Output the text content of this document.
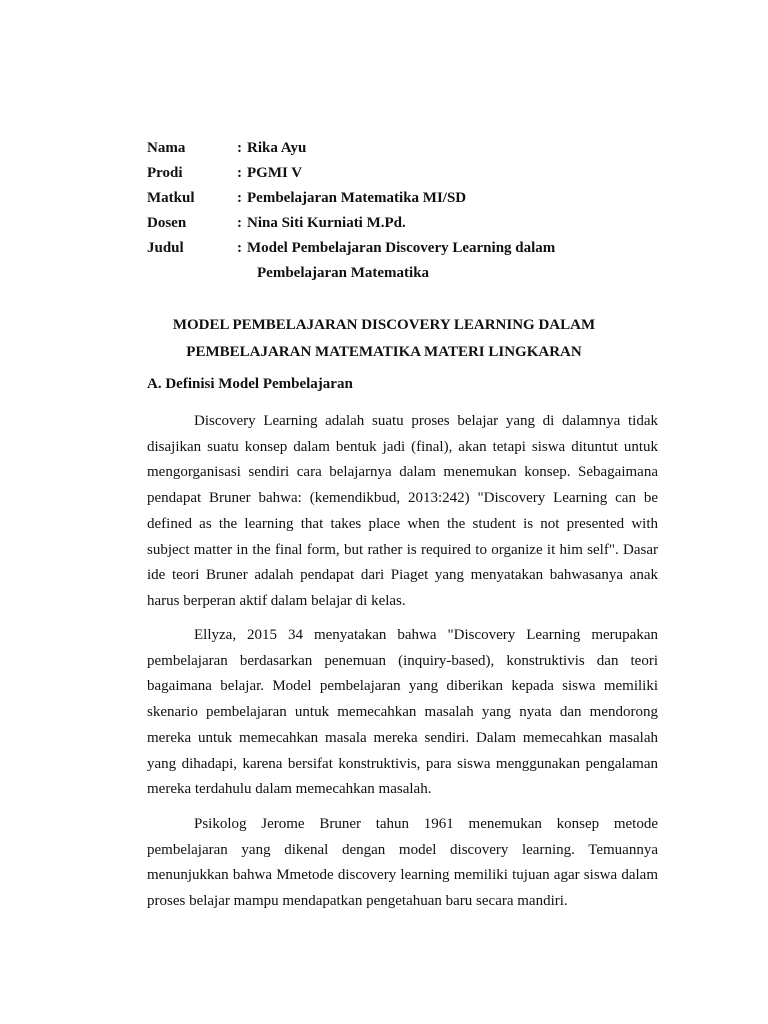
Nama	: Rika Ayu
Prodi	: PGMI V
Matkul	: Pembelajaran Matematika MI/SD
Dosen	: Nina Siti Kurniati M.Pd.
Judul	: Model Pembelajaran Discovery Learning dalam
Pembelajaran Matematika
MODEL PEMBELAJARAN DISCOVERY LEARNING DALAM
PEMBELAJARAN MATEMATIKA MATERI LINGKARAN
A. Definisi Model Pembelajaran

Discovery Learning adalah suatu proses belajar yang di dalamnya tidak disajikan suatu konsep dalam bentuk jadi (final), akan tetapi siswa dituntut untuk mengorganisasi sendiri cara belajarnya dalam menemukan konsep. Sebagaimana pendapat Bruner bahwa: (kemendikbud, 2013:242) "Discovery Learning can be defined as the learning that takes place when the student is not presented with subject matter in the final form, but rather is required to organize it him self". Dasar ide teori Bruner adalah pendapat dari Piaget yang menyatakan bahwasanya anak harus berperan aktif dalam belajar di kelas.

Ellyza, 2015 34 menyatakan bahwa "Discovery Learning merupakan pembelajaran berdasarkan penemuan (inquiry-based), konstruktivis dan teori bagaimana belajar. Model pembelajaran yang diberikan kepada siswa memiliki skenario pembelajaran untuk memecahkan masalah yang nyata dan mendorong mereka untuk memecahkan masala mereka sendiri. Dalam memecahkan masalah yang dihadapi, karena bersifat konstruktivis, para siswa menggunakan pengalaman mereka terdahulu dalam memecahkan masalah.

Psikolog Jerome Bruner tahun 1961 menemukan konsep metode pembelajaran yang dikenal dengan model discovery learning. Temuannya menunjukkan bahwa Mmetode discovery learning memiliki tujuan agar siswa dalam proses belajar mampu mendapatkan pengetahuan baru secara mandiri.
